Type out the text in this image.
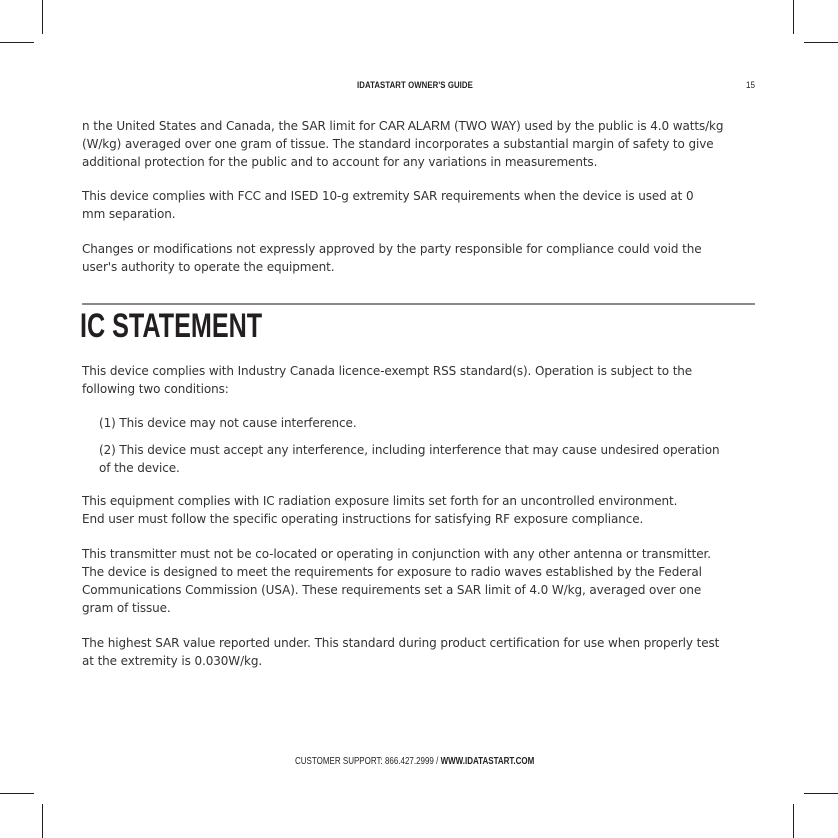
IDATASTART OWNER'S GUIDE	15
n the United States and Canada, the SAR limit for CAR ALARM (TWO WAY) used by the public is 4.0 watts/kg
(W/kg) averaged over one gram of tissue. The standard incorporates a substantial margin of safety to give
additional protection for the public and to account for any variations in measurements.
This device complies with FCC and ISED 10-g extremity SAR requirements when the device is used at 0
mm separation.
Changes or modifications not expressly approved by the party responsible for compliance could void the
user's authority to operate the equipment.
IC STATEMENT
This device complies with Industry Canada licence-exempt RSS standard(s). Operation is subject to the
following two conditions:
(1) This device may not cause interference.
(2) This device must accept any interference, including interference that may cause undesired operation
of the device.
This equipment complies with IC radiation exposure limits set forth for an uncontrolled environment.
End user must follow the specific operating instructions for satisfying RF exposure compliance.
This transmitter must not be co-located or operating in conjunction with any other antenna or transmitter.
The device is designed to meet the requirements for exposure to radio waves established by the Federal
Communications Commission (USA). These requirements set a SAR limit of 4.0 W/kg, averaged over one
gram of tissue.
The highest SAR value reported under. This standard during product certification for use when properly test
at the extremity is 0.030W/kg.
CUSTOMER SUPPORT: 866.427.2999 / WWW.IDATASTART.COM
